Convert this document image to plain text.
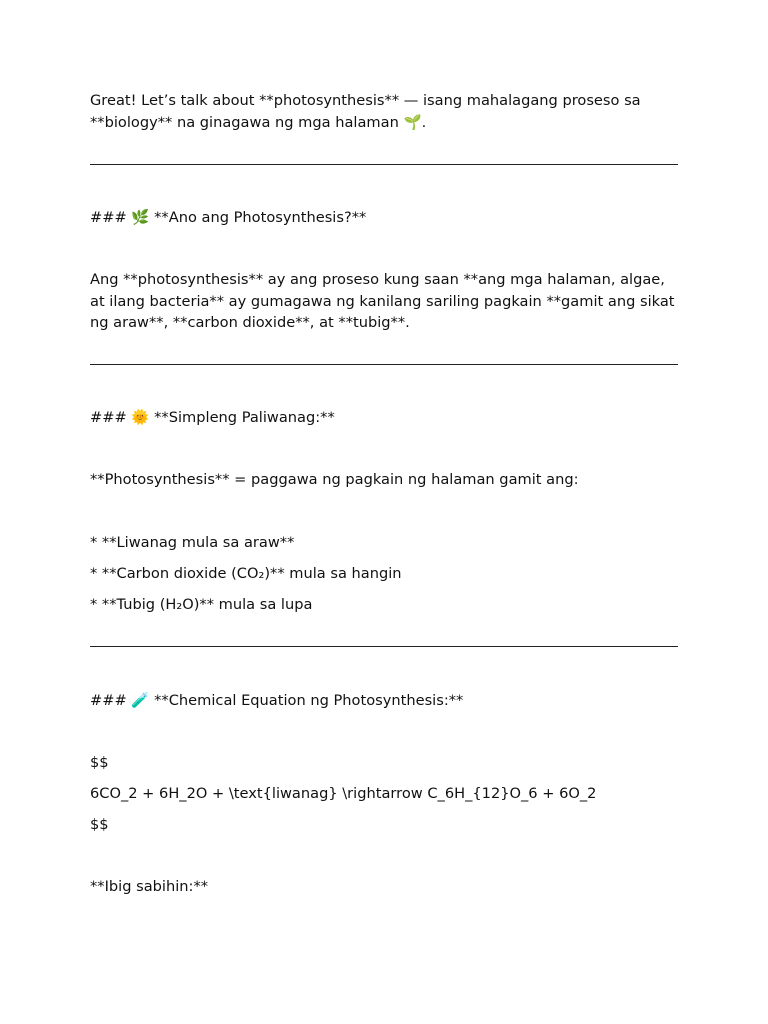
Great! Let’s talk about **photosynthesis** — isang mahalagang proseso sa **biology** na ginagawa ng mga halaman 🌱.

### 🌿 **Ano ang Photosynthesis?**

Ang **photosynthesis** ay ang proseso kung saan **ang mga halaman, algae, at ilang bacteria** ay gumagawa ng kanilang sariling pagkain **gamit ang sikat ng araw**, **carbon dioxide**, at **tubig**.

### 🌞 **Simpleng Paliwanag:**

**Photosynthesis** = paggawa ng pagkain ng halaman gamit ang:

* **Liwanag mula sa araw**

* **Carbon dioxide (CO₂)** mula sa hangin

* **Tubig (H₂O)** mula sa lupa

### 🧪 **Chemical Equation ng Photosynthesis:**

$$

6CO_2 + 6H_2O + \text{liwanag} \rightarrow C_6H_{12}O_6 + 6O_2

$$

**Ibig sabihin:**
